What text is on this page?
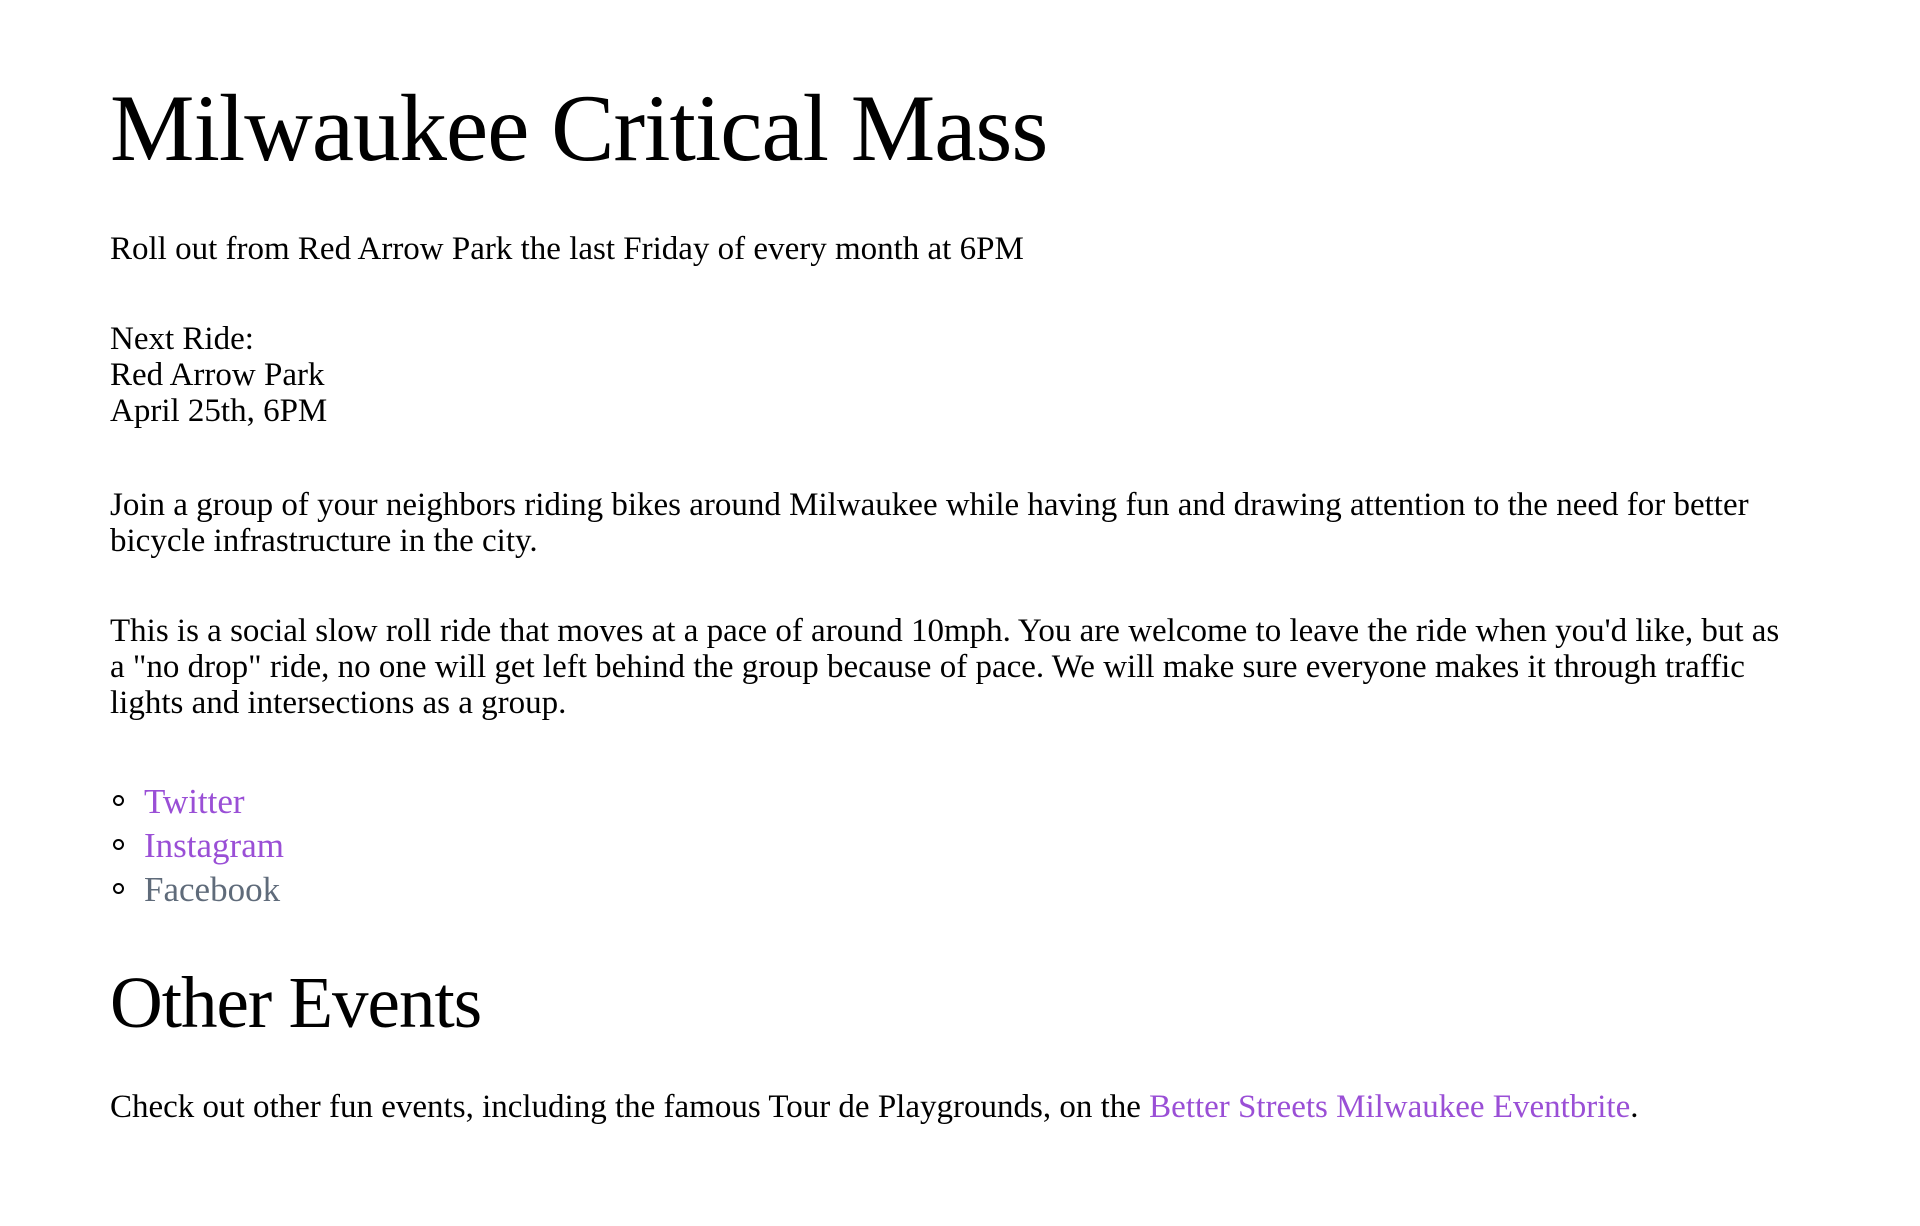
Milwaukee Critical Mass

Roll out from Red Arrow Park the last Friday of every month at 6PM

Next Ride:
Red Arrow Park
April 25th, 6PM

Join a group of your neighbors riding bikes around Milwaukee while having fun and drawing attention to the need for better bicycle infrastructure in the city.

This is a social slow roll ride that moves at a pace of around 10mph. You are welcome to leave the ride when you'd like, but as a "no drop" ride, no one will get left behind the group because of pace. We will make sure everyone makes it through traffic lights and intersections as a group.

Twitter
Instagram
Facebook
Other Events

Check out other fun events, including the famous Tour de Playgrounds, on the Better Streets Milwaukee Eventbrite.
